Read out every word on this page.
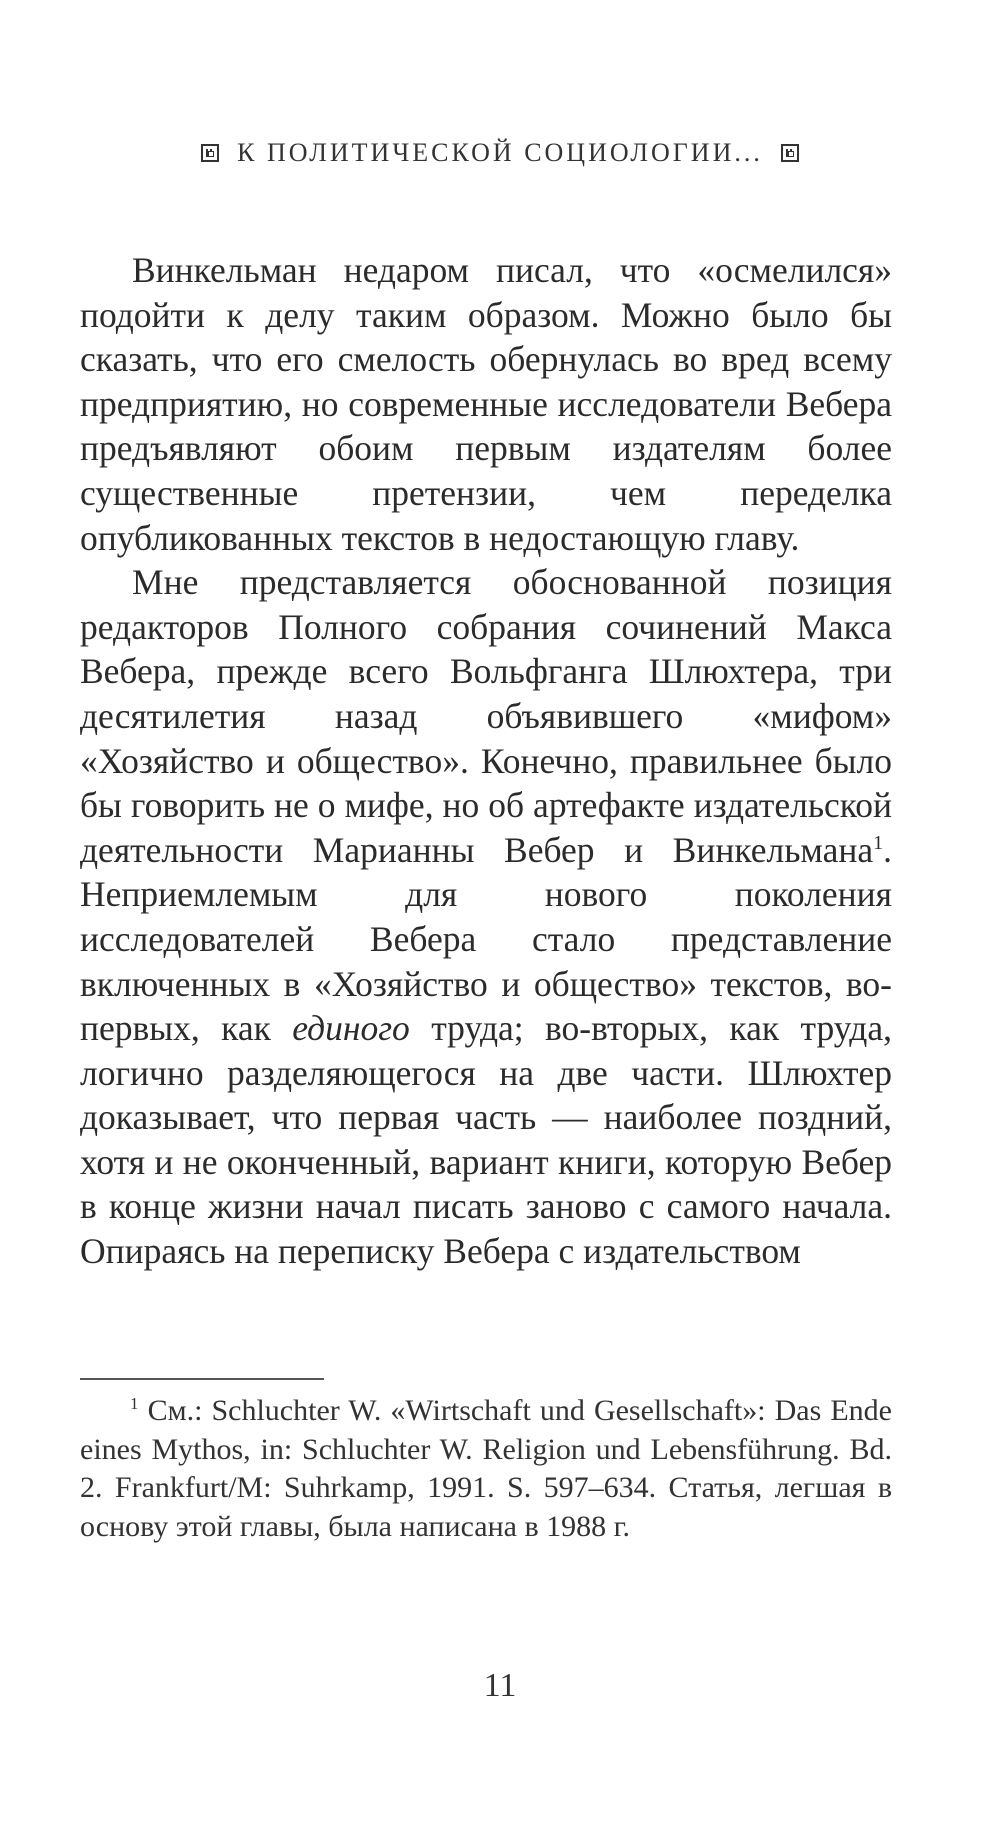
К ПОЛИТИЧЕСКОЙ СОЦИОЛОГИИ...

Винкельман недаром писал, что «осмелился» подойти к делу таким образом. Можно было бы сказать, что его смелость обернулась во вред всему предприятию, но современные исследователи Вебера предъявляют обоим первым издателям более существенные претензии, чем переделка опубликованных текстов в недостающую главу.

Мне представляется обоснованной позиция редакторов Полного собрания сочинений Макса Вебера, прежде всего Вольфганга Шлюхтера, три десятилетия назад объявившего «мифом» «Хозяйство и общество». Конечно, правильнее было бы говорить не о мифе, но об артефакте издательской деятельности Марианны Вебер и Винкельмана$^1$. Неприемлемым для нового поколения исследователей Вебера стало представление включенных в «Хозяйство и общество» текстов, во-первых, как единого труда; во-вторых, как труда, логично разделяющегося на две части. Шлюхтер доказывает, что первая часть — наиболее поздний, хотя и не оконченный, вариант книги, которую Вебер в конце жизни начал писать заново с самого начала. Опираясь на переписку Вебера с издательством

$^1$ См.: Schluchter W. «Wirtschaft und Gesellschaft»: Das Ende eines Mythos, in: Schluchter W. Religion und Lebensführung. Bd. 2. Frankfurt/M: Suhrkamp, 1991. S. 597–634. Статья, легшая в основу этой главы, была написана в 1988 г.
11
